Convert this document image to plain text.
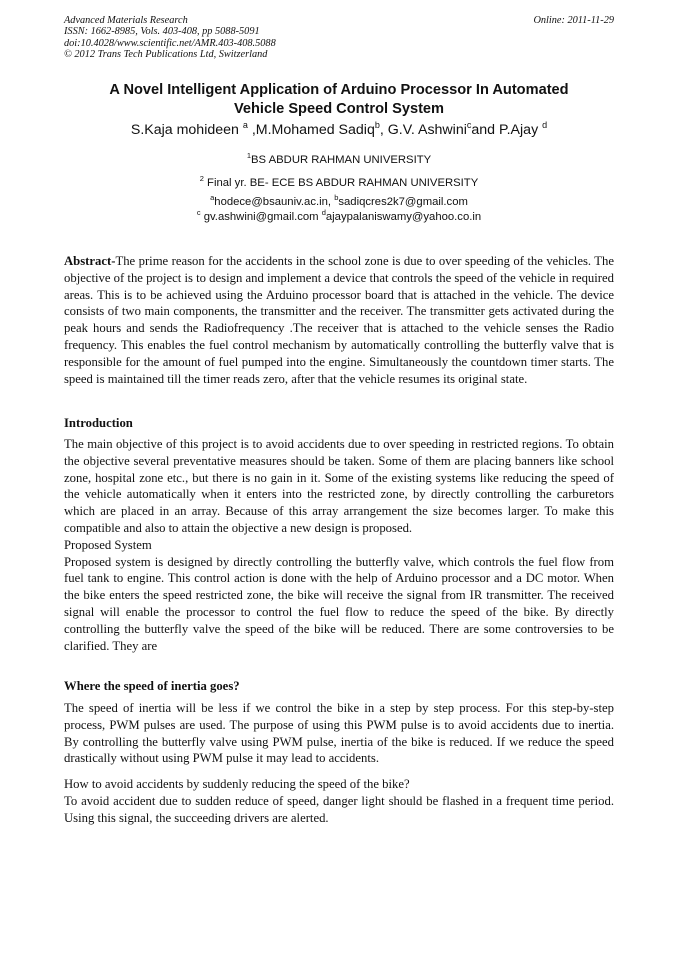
Advanced Materials Research
ISSN: 1662-8985, Vols. 403-408, pp 5088-5091
doi:10.4028/www.scientific.net/AMR.403-408.5088
© 2012 Trans Tech Publications Ltd, Switzerland
Online: 2011-11-29
A Novel Intelligent Application of Arduino Processor In Automated
Vehicle Speed Control System
S.Kaja mohideen $^a$ ,M.Mohamed Sadiq$^b$, G.V. Ashwini$^c$and P.Ajay $^d$
$^1$BS ABDUR RAHMAN UNIVERSITY
$^2$ Final yr. BE- ECE BS ABDUR RAHMAN UNIVERSITY
$^a$hodece@bsauniv.ac.in, $^b$sadiqcres2k7@gmail.com
$^c$ gv.ashwini@gmail.com $^d$ajaypalaniswamy@yahoo.co.in

Abstract-The prime reason for the accidents in the school zone is due to over speeding of the vehicles. The objective of the project is to design and implement a device that controls the speed of the vehicle in required areas. This is to be achieved using the Arduino processor board that is attached in the vehicle. The device consists of two main components, the transmitter and the receiver. The transmitter gets activated during the peak hours and sends the Radiofrequency .The receiver that is attached to the vehicle senses the Radio frequency. This enables the fuel control mechanism by automatically controlling the butterfly valve that is responsible for the amount of fuel pumped into the engine. Simultaneously the countdown timer starts. The speed is maintained till the timer reads zero, after that the vehicle resumes its original state.

Introduction

The main objective of this project is to avoid accidents due to over speeding in restricted regions. To obtain the objective several preventative measures should be taken. Some of them are placing banners like school zone, hospital zone etc., but there is no gain in it. Some of the existing systems like reducing the speed of the vehicle automatically when it enters into the restricted zone, by directly controlling the carburetors which are placed in an array. Because of this array arrangement the size becomes larger. To make this compatible and also to attain the objective a new design is proposed.

Proposed System

Proposed system is designed by directly controlling the butterfly valve, which controls the fuel flow from fuel tank to engine. This control action is done with the help of Arduino processor and a DC motor. When the bike enters the speed restricted zone, the bike will receive the signal from IR transmitter. The received signal will enable the processor to control the fuel flow to reduce the speed of the bike. By directly controlling the butterfly valve the speed of the bike will be reduced. There are some controversies to be clarified. They are

Where the speed of inertia goes?

The speed of inertia will be less if we control the bike in a step by step process. For this step-by-step process, PWM pulses are used. The purpose of using this PWM pulse is to avoid accidents due to inertia. By controlling the butterfly valve using PWM pulse, inertia of the bike is reduced. If we reduce the speed drastically without using PWM pulse it may lead to accidents.

How to avoid accidents by suddenly reducing the speed of the bike?

To avoid accident due to sudden reduce of speed, danger light should be flashed in a frequent time period. Using this signal, the succeeding drivers are alerted.
